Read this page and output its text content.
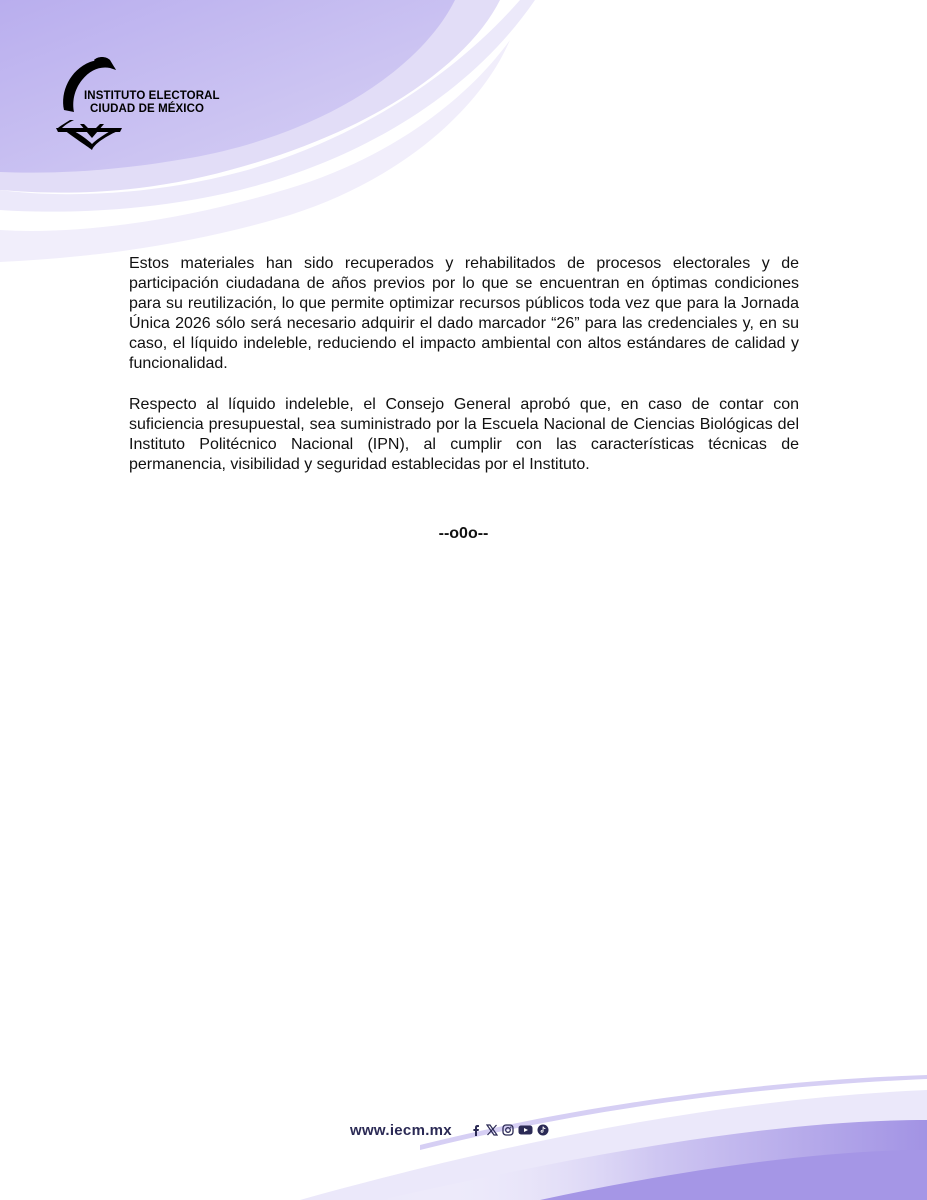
INSTITUTO ELECTORAL
CIUDAD DE MÉXICO

Estos materiales han sido recuperados y rehabilitados de procesos electorales y de participación ciudadana de años previos por lo que se encuentran en óptimas condiciones para su reutilización, lo que permite optimizar recursos públicos toda vez que para la Jornada Única 2026 sólo será necesario adquirir el dado marcador “26” para las credenciales y, en su caso, el líquido indeleble, reduciendo el impacto ambiental con altos estándares de calidad y funcionalidad.

Respecto al líquido indeleble, el Consejo General aprobó que, en caso de contar con suficiencia presupuestal, sea suministrado por la Escuela Nacional de Ciencias Biológicas del Instituto Politécnico Nacional (IPN), al cumplir con las características técnicas de permanencia, visibilidad y seguridad establecidas por el Instituto.

--o0o--
www.iecm.mx
